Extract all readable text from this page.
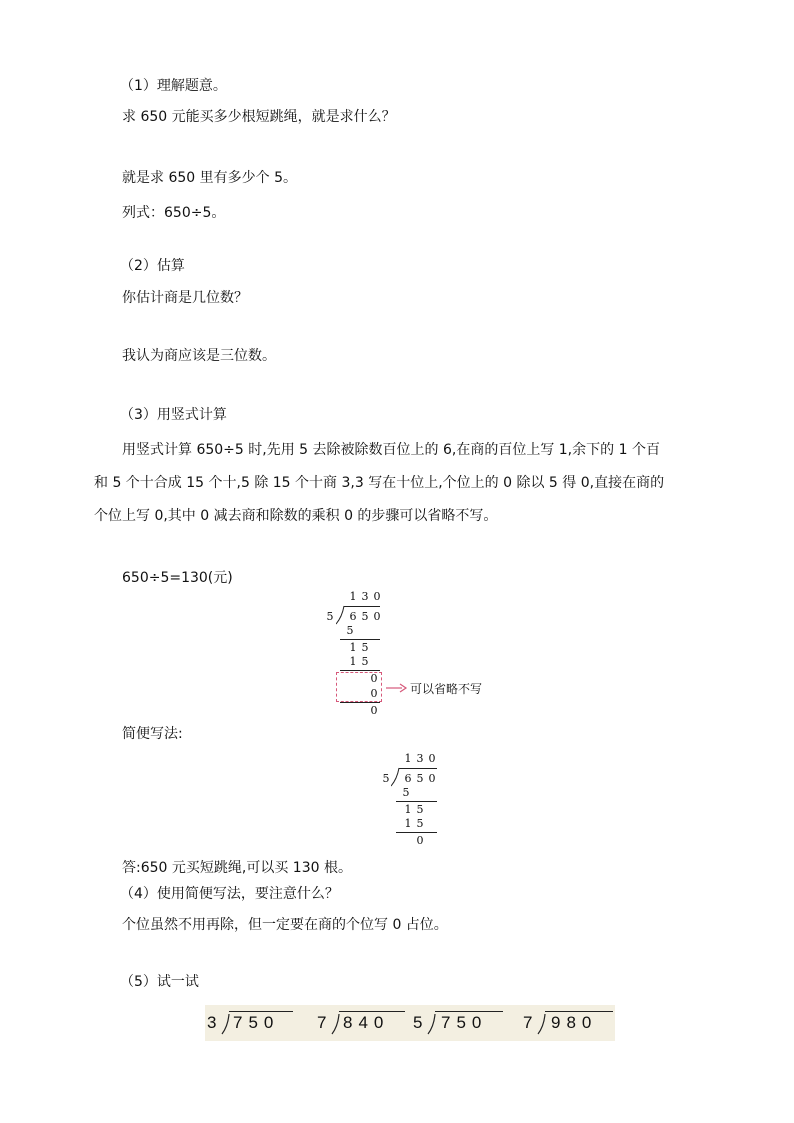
（1）理解题意。
求 650 元能买多少根短跳绳，就是求什么？
就是求 650 里有多少个 5。
列式：650÷5。
（2）估算
你估计商是几位数？
我认为商应该是三位数。
（3）用竖式计算
用竖式计算 650÷5 时,先用 5 去除被除数百位上的 6,在商的百位上写 1,余下的 1 个百
和 5 个十合成 15 个十,5 除 15 个十商 3,3 写在十位上,个位上的 0 除以 5 得 0,直接在商的
个位上写 0,其中 0 减去商和除数的乘积 0 的步骤可以省略不写。
650÷5=130(元)
1 3 0
5 6 5 0
5
1 5
1 5
0
0
0
可以省略不写
简便写法:
1 3 0
5 6 5 0
5
1 5
1 5
0
答:650 元买短跳绳,可以买 130 根。
（4）使用简便写法，要注意什么？
个位虽然不用再除，但一定要在商的个位写 0 占位。
（5）试一试
3 750 7 840 5 750 7 980
